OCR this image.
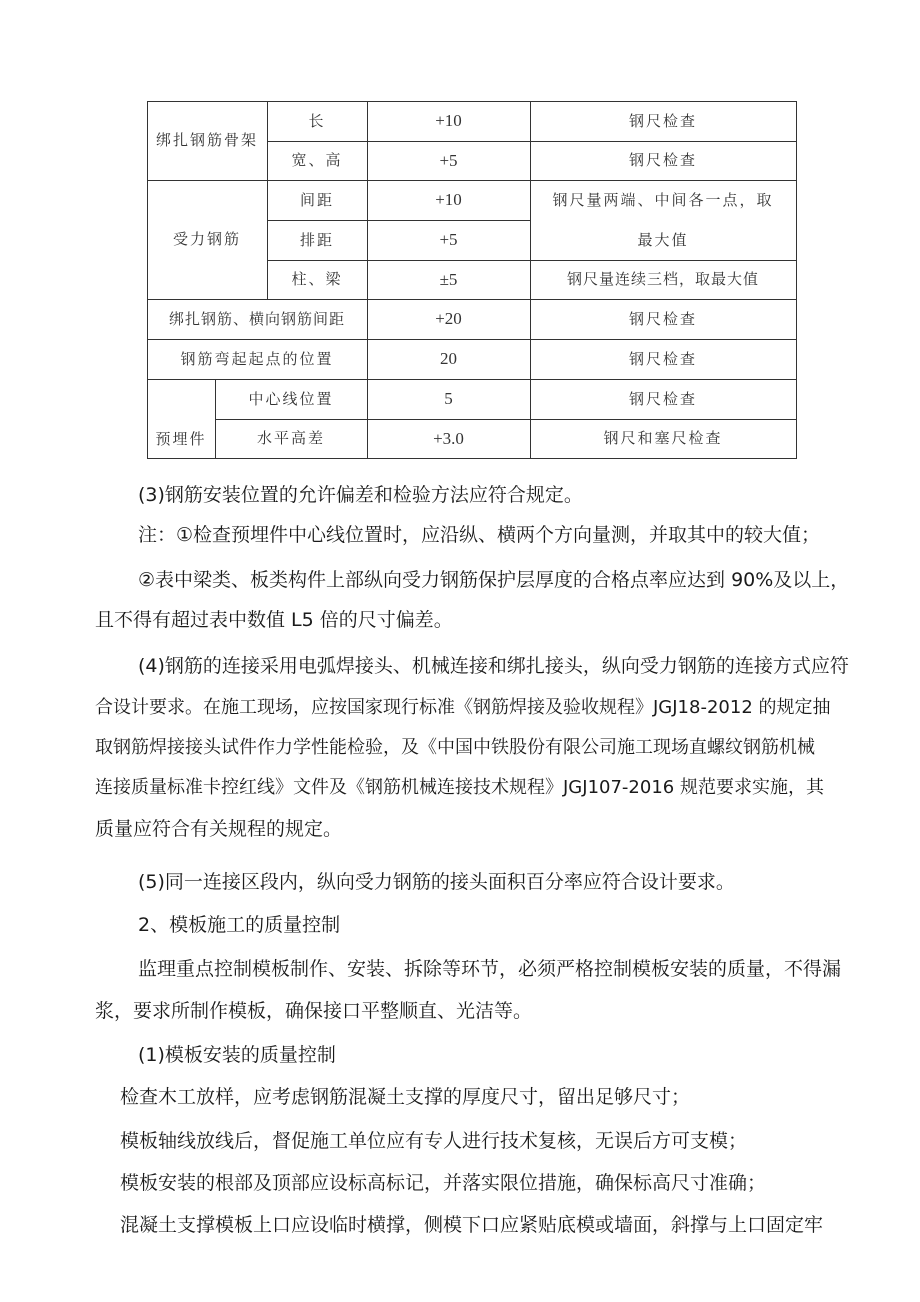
绑扎钢筋骨架
长	+10	钢尺检查
宽、高	+5	钢尺检查
受力钢筋
间距	+10	钢尺量两端、中间各一点，取
最大值
排距	+5
柱、梁	±5	钢尺量连续三档，取最大值
绑扎钢筋、横向钢筋间距	+20	钢尺检查
钢筋弯起起点的位置	20	钢尺检查
预埋件
中心线位置	5	钢尺检查
水平高差	+3.0	钢尺和塞尺检查
(3)钢筋安装位置的允许偏差和检验方法应符合规定。
注：①检查预埋件中心线位置时，应沿纵、横两个方向量测，并取其中的较大值；
②表中梁类、板类构件上部纵向受力钢筋保护层厚度的合格点率应达到 90%及以上，
且不得有超过表中数值 L5 倍的尺寸偏差。
(4)钢筋的连接采用电弧焊接头、机械连接和绑扎接头，纵向受力钢筋的连接方式应符
合设计要求。在施工现场，应按国家现行标准《钢筋焊接及验收规程》JGJ18-2012 的规定抽
取钢筋焊接接头试件作力学性能检验，及《中国中铁股份有限公司施工现场直螺纹钢筋机械
连接质量标准卡控红线》文件及《钢筋机械连接技术规程》JGJ107-2016 规范要求实施，其
质量应符合有关规程的规定。
(5)同一连接区段内，纵向受力钢筋的接头面积百分率应符合设计要求。
2、模板施工的质量控制
监理重点控制模板制作、安装、拆除等环节，必须严格控制模板安装的质量，不得漏
浆，要求所制作模板，确保接口平整顺直、光洁等。
(1)模板安装的质量控制
检查木工放样，应考虑钢筋混凝土支撑的厚度尺寸，留出足够尺寸；
模板轴线放线后，督促施工单位应有专人进行技术复核，无误后方可支模；
模板安装的根部及顶部应设标高标记，并落实限位措施，确保标高尺寸准确；
混凝土支撑模板上口应设临时横撑，侧模下口应紧贴底模或墙面，斜撑与上口固定牢
